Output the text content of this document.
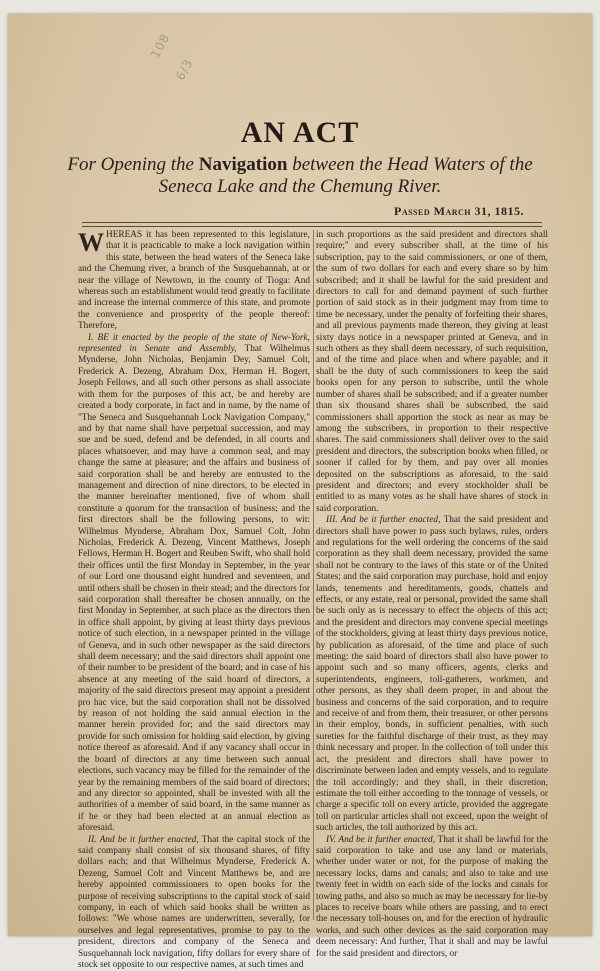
108
6/3
AN ACT
For Opening the Navigation between the Head Waters of the
Seneca Lake and the Chemung River.
Passed March 31, 1815.

WHEREAS it has been represented to this legislature, that it is practicable to make a lock navigation within this state, between the head waters of the Seneca lake and the Chemung river, a branch of the Susquehannah, at or near the village of Newtown, in the county of Tioga: And whereas such an establishment would tend greatly to facilitate and increase the internal commerce of this state, and promote the convenience and prosperity of the people thereof: Therefore,

I. BE it enacted by the people of the state of New-York, represented in Senate and Assembly, That Wilhelmus Mynderse, John Nicholas, Benjamin Dey, Samuel Colt, Frederick A. Dezeng, Abraham Dox, Herman H. Bogert, Joseph Fellows, and all such other persons as shall associate with them for the purposes of this act, be and hereby are created a body corporate, in fact and in name, by the name of "The Seneca and Susquehannah Lock Navigation Company," and by that name shall have perpetual succession, and may sue and be sued, defend and be defended, in all courts and places whatsoever, and may have a common seal, and may change the same at pleasure; and the affairs and business of said corporation shall be and hereby are entrusted to the management and direction of nine directors, to be elected in the manner hereinafter mentioned, five of whom shall constitute a quorum for the transaction of business; and the first directors shall be the following persons, to wit: Wilhelmus Mynderse, Abraham Dox, Samuel Colt, John Nicholas, Frederick A. Dezeng, Vincent Matthews, Joseph Fellows, Herman H. Bogert and Reuben Swift, who shall hold their offices until the first Monday in September, in the year of our Lord one thousand eight hundred and seventeen, and until others shall be chosen in their stead; and the directors for said corporation shall thereafter be chosen annually, on the first Monday in September, at such place as the directors then in office shall appoint, by giving at least thirty days previous notice of such election, in a newspaper printed in the village of Geneva, and in such other newspaper as the said directors shall deem necessary; and the said directors shall appoint one of their number to be president of the board; and in case of his absence at any meeting of the said board of directors, a majority of the said directors present may appoint a president pro hac vice, but the said corporation shall not be dissolved by reason of not holding the said annual election in the manner herein provided for; and the said directors may provide for such omission for holding said election, by giving notice thereof as aforesaid. And if any vacancy shall occur in the board of directors at any time between such annual elections, such vacancy may be filled for the remainder of the year by the remaining members of the said board of directors; and any director so appointed, shall be invested with all the authorities of a member of said board, in the same manner as if he or they had been elected at an annual election as aforesaid.

II. And be it further enacted, That the capital stock of the said company shall consist of six thousand shares, of fifty dollars each; and that Wilhelmus Mynderse, Frederick A. Dezeng, Samuel Colt and Vincent Matthews be, and are hereby appointed commissioners to open books for the purpose of receiving subscriptions to the capital stock of said company, in each of which said books shall be written as follows: "We whose names are underwritten, severally, for ourselves and legal representatives, promise to pay to the president, directors and company of the Seneca and Susquehannah lock navigation, fifty dollars for every share of stock set opposite to our respective names, at such times and

in such proportions as the said president and directors shall require;" and every subscriber shall, at the time of his subscription, pay to the said commissioners, or one of them, the sum of two dollars for each and every share so by him subscribed; and it shall be lawful for the said president and directors to call for and demand payment of such further portion of said stock as in their judgment may from time to time be necessary, under the penalty of forfeiting their shares, and all previous payments made thereon, they giving at least sixty days notice in a newspaper printed at Geneva, and in such others as they shall deem necessary, of such requisition, and of the time and place when and where payable; and it shall be the duty of such commissioners to keep the said books open for any person to subscribe, until the whole number of shares shall be subscribed; and if a greater number than six thousand shares shall be subscribed, the said commissioners shall apportion the stock as near as may be among the subscribers, in proportion to their respective shares. The said commissioners shall deliver over to the said president and directors, the subscription books when filled, or sooner if called for by them, and pay over all monies deposited on the subscriptions as aforesaid, to the said president and directors; and every stockholder shall be entitled to as many votes as he shall have shares of stock in said corporation.

III. And be it further enacted, That the said president and directors shall have power to pass such bylaws, rules, orders and regulations for the well ordering the concerns of the said corporation as they shall deem necessary, provided the same shall not be contrary to the laws of this state or of the United States; and the said corporation may purchase, hold and enjoy lands, tenements and hereditaments, goods, chattels and effects, or any estate, real or personal, provided the same shall be such only as is necessary to effect the objects of this act; and the president and directors may convene special meetings of the stockholders, giving at least thirty days previous notice, by publication as aforesaid, of the time and place of such meeting: the said board of directors shall also have power to appoint such and so many officers, agents, clerks and superintendents, engineers, toll-gatherers, workmen, and other persons, as they shall deem proper, in and about the business and concerns of the said corporation, and to require and receive of and from them, their treasurer, or other persons in their employ, bonds, in sufficient penalties, with such sureties for the faithful discharge of their trust, as they may think necessary and proper. In the collection of toll under this act, the president and directors shall have power to discriminate between laden and empty vessels, and to regulate the toll accordingly; and they shall, in their discretion, estimate the toll either according to the tonnage of vessels, or charge a specific toll on every article, provided the aggregate toll on particular articles shall not exceed, upon the weight of such articles, the toll authorized by this act.

IV. And be it further enacted, That it shall be lawful for the said corporation to take and use any land or materials, whether under water or not, for the purpose of making the necessary locks, dams and canals; and also to take and use twenty feet in width on each side of the locks and canals for towing paths, and also so much as may be necessary for lie-by places to receive boats while others are passing, and to erect the necessary toll-houses on, and for the erection of hydraulic works, and such other devices as the said corporation may deem necessary: And further, That it shall and may be lawful for the said president and directors, or
